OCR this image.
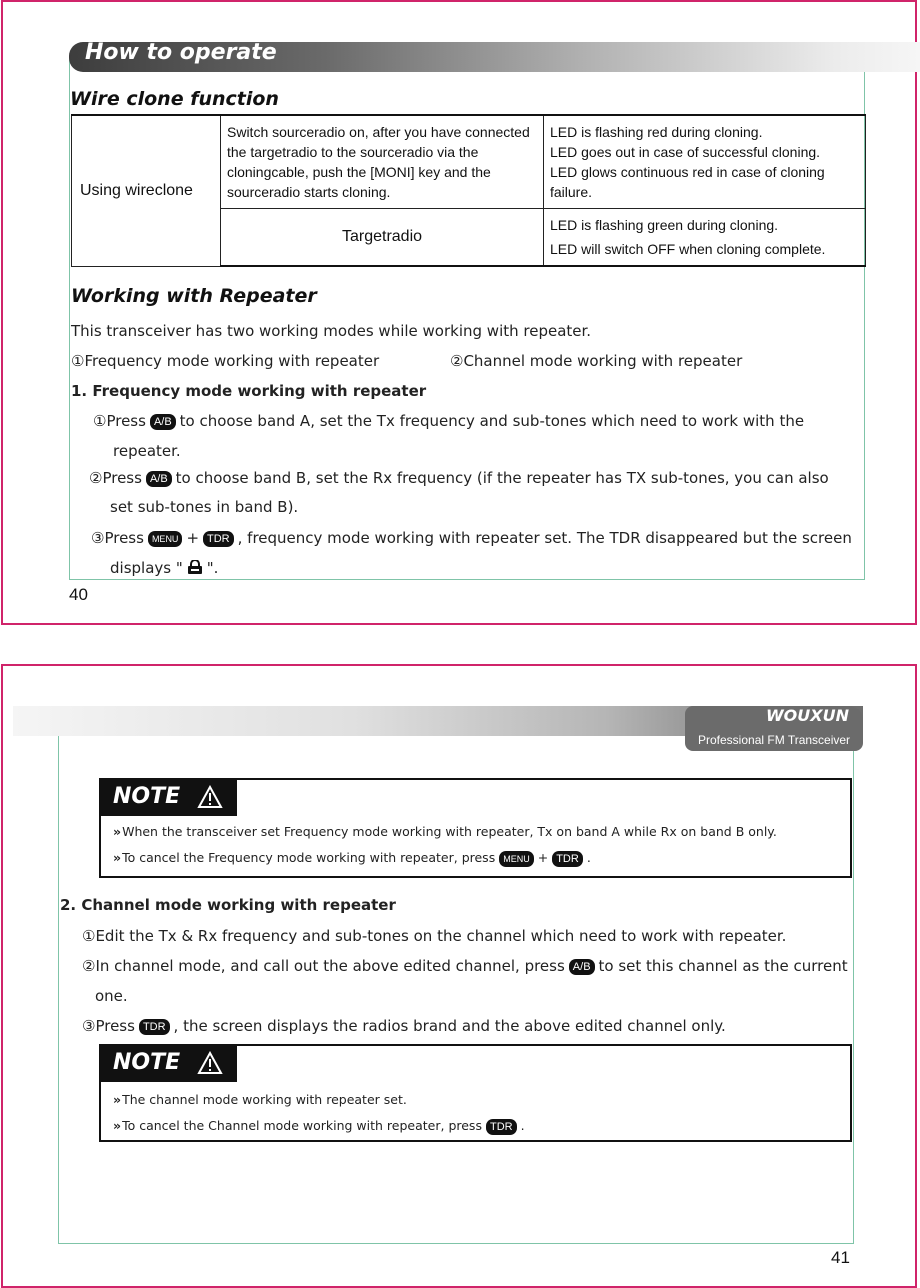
How to operate
Wire clone function
Using wireclone	Switch sourceradio on, after you have connected the targetradio to the sourceradio via the cloningcable, push the [MONI] key and the sourceradio starts cloning.	LED is flashing red during cloning.
LED goes out in case of successful cloning.
LED glows continuous red in case of cloning failure.

	Targetradio	LED is flashing green during cloning.
LED will switch OFF when cloning complete.
Working with Repeater
This transceiver has two working modes while working with repeater.
①Frequency mode working with repeater	②Channel mode working with repeater
1. Frequency mode working with repeater
①Press A/B to choose band A, set the Tx frequency and sub-tones which need to work with the
repeater.
②Press A/B to choose band B, set the Rx frequency (if the repeater has TX sub-tones, you can also
set sub-tones in band B).
③Press MENU + TDR , frequency mode working with repeater set. The TDR disappeared but the screen
displays " ".
40
WOUXUN
Professional FM Transceiver
NOTE
» When the transceiver set Frequency mode working with repeater, Tx on band A while Rx on band B only.
» To cancel the Frequency mode working with repeater, press MENU + TDR .
2. Channel mode working with repeater
①Edit the Tx & Rx frequency and sub-tones on the channel which need to work with repeater.
②In channel mode, and call out the above edited channel, press A/B to set this channel as the current
one.
③Press TDR , the screen displays the radios brand and the above edited channel only.
NOTE
» The channel mode working with repeater set.
» To cancel the Channel mode working with repeater, press TDR .
41
